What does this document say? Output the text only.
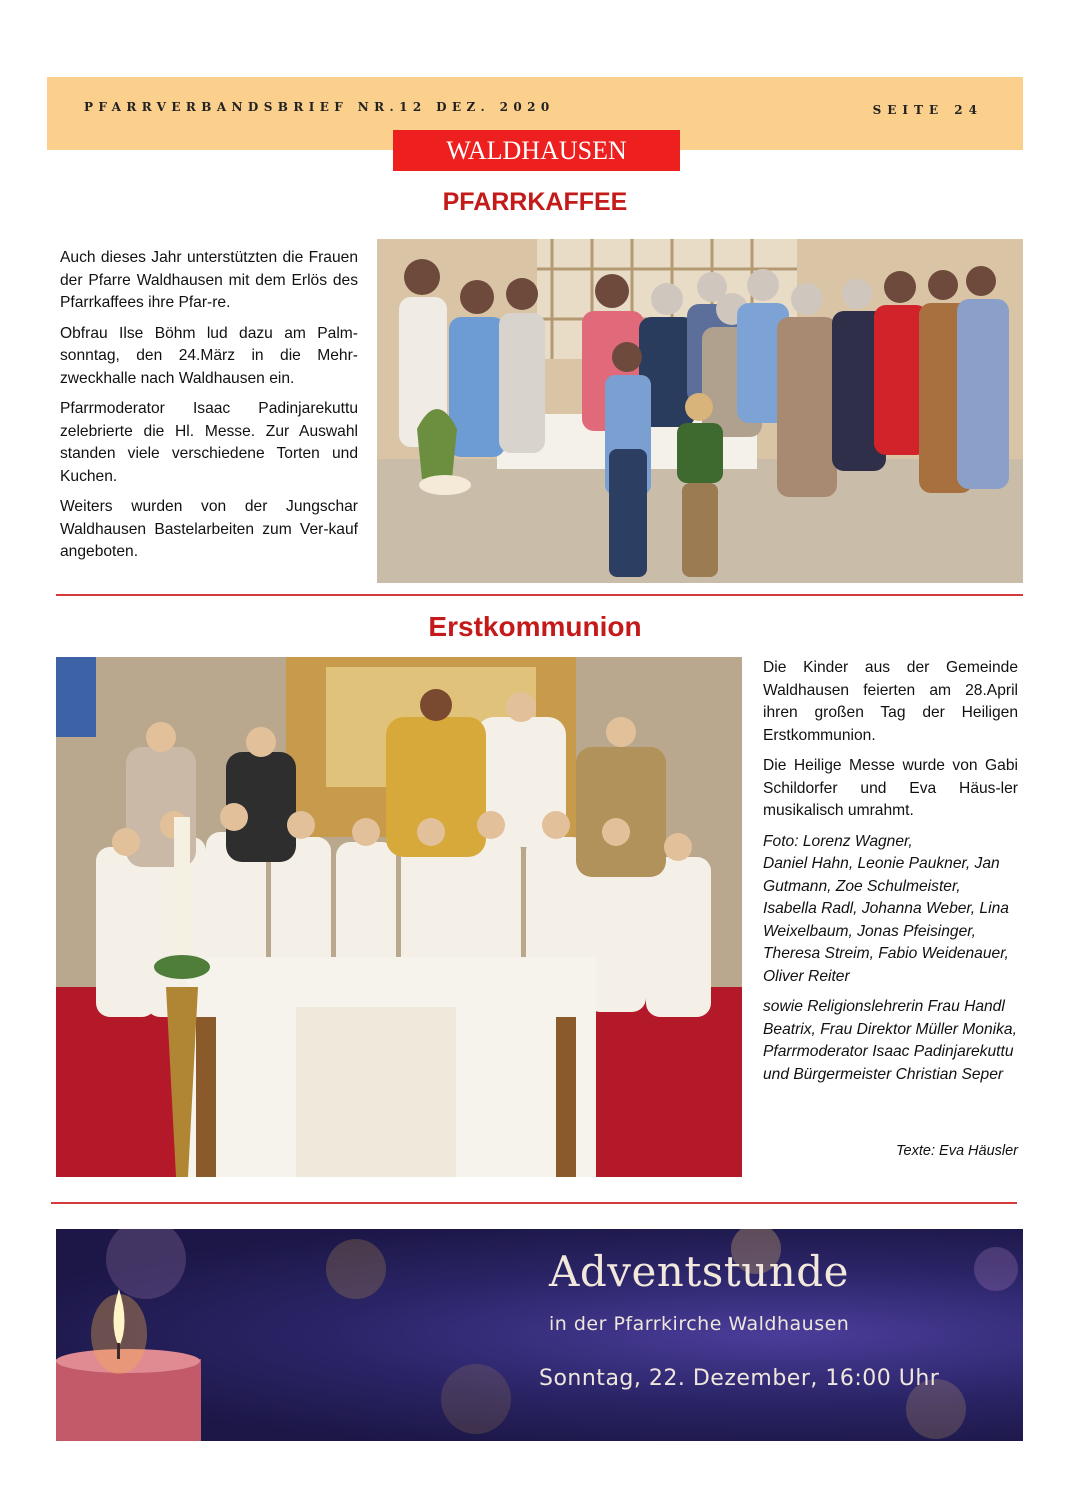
PFARRVERBANDSBRIEF NR.12 DEZ. 2020	SEITE 24
WALDHAUSEN
PFARRKAFFEE

Auch dieses Jahr unterstützten die Frauen der Pfarre Waldhausen mit dem Erlös des Pfarrkaffees ihre Pfar-re.

Obfrau Ilse Böhm lud dazu am Palm-sonntag, den 24.März in die Mehr-zweckhalle nach Waldhausen ein.

Pfarrmoderator Isaac Padinjarekuttu zelebrierte die Hl. Messe. Zur Auswahl standen viele verschiedene Torten und Kuchen.

Weiters wurden von der Jungschar Waldhausen Bastelarbeiten zum Ver-kauf angeboten.

Erstkommunion

Die Kinder aus der Gemeinde Waldhausen feierten am 28.April ihren großen Tag der Heiligen Erstkommunion.

Die Heilige Messe wurde von Gabi Schildorfer und Eva Häus-ler musikalisch umrahmt.

Foto: Lorenz Wagner,
Daniel Hahn, Leonie Paukner, Jan Gutmann, Zoe Schulmeister, Isabella Radl, Johanna Weber, Lina Weixelbaum, Jonas Pfeisinger, Theresa Streim, Fabio Weidenauer, Oliver Reiter

sowie Religionslehrerin Frau Handl Beatrix, Frau Direktor Müller Monika, Pfarrmoderator Isaac Padinjarekuttu und Bürgermeister Christian Seper

Texte: Eva Häusler
Adventstunde
in der Pfarrkirche Waldhausen
Sonntag, 22. Dezember, 16:00 Uhr
